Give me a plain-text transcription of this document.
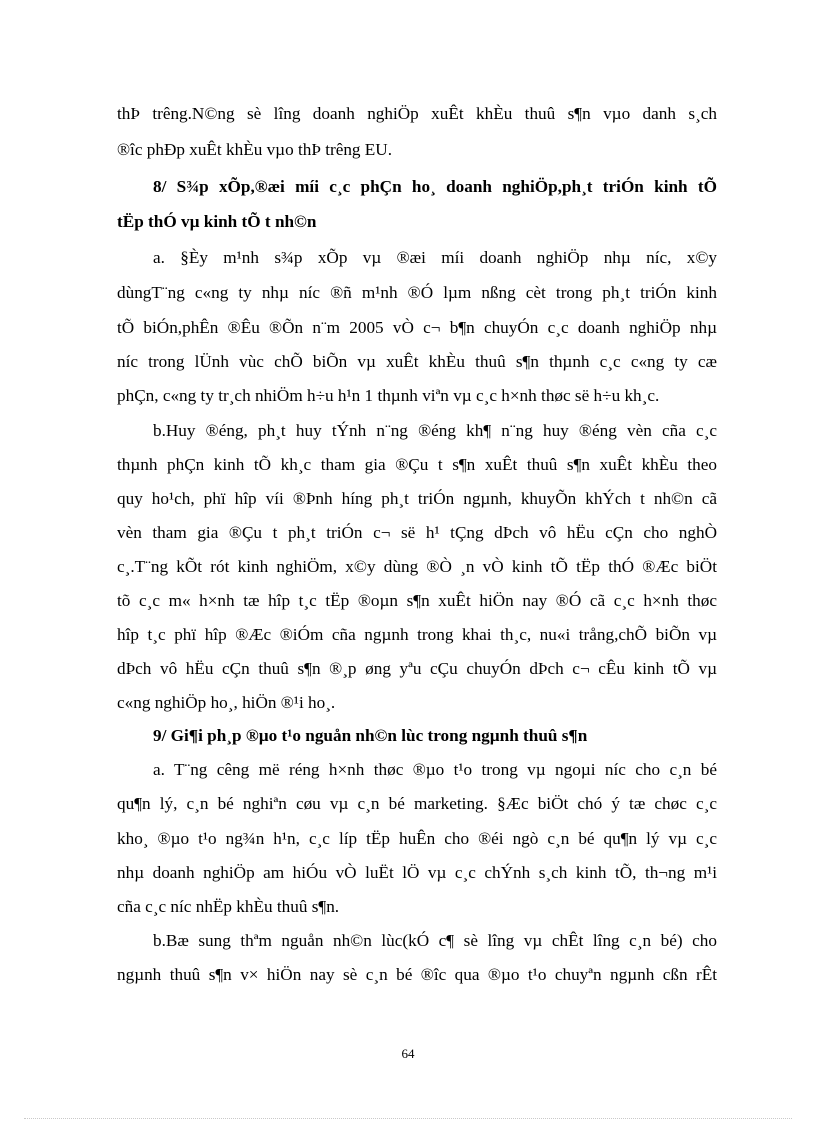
thÞ trêng.N©ng sè lîng doanh nghiÖp xuÊt khÈu thuû s¶n vµo danh s¸ch
®îc phÐp xuÊt khÈu vµo thÞ trêng EU.
8/ S¾p xÕp,®æi míi c¸c phÇn ho¸ doanh nghiÖp,ph¸t triÓn kinh tÕ
tËp thÓ vµ kinh tÕ t nh©n
a. §Èy m¹nh s¾p xÕp vµ ®æi míi doanh nghiÖp nhµ níc, x©y
dùngT¨ng c«ng ty nhµ níc ®ñ m¹nh ®Ó lµm nßng cèt trong ph¸t triÓn kinh
tÕ biÓn,phÊn ®Êu ®Õn n¨m 2005 vÒ c¬ b¶n chuyÓn c¸c doanh nghiÖp nhµ
níc trong lÜnh vùc chÕ biÕn vµ xuÊt khÈu thuû s¶n thµnh c¸c c«ng ty cæ
phÇn, c«ng ty tr¸ch nhiÖm h÷u h¹n 1 thµnh viªn vµ c¸c h×nh thøc së h÷u kh¸c.
b.Huy ®éng, ph¸t huy tÝnh n¨ng ®éng kh¶ n¨ng huy ®éng vèn cña c¸c
thµnh phÇn kinh tÕ kh¸c tham gia ®Çu t s¶n xuÊt thuû s¶n xuÊt khÈu theo
quy ho¹ch, phï hîp víi ®Þnh híng ph¸t triÓn ngµnh, khuyÕn khÝch t nh©n cã
vèn tham gia ®Çu t ph¸t triÓn c¬ së h¹ tÇng dÞch vô hËu cÇn cho nghÒ
c¸.T¨ng kÕt rót kinh nghiÖm, x©y dùng ®Ò ¸n vÒ kinh tÕ tËp thÓ ®Æc biÖt
tõ c¸c m« h×nh tæ hîp t¸c tËp ®oµn s¶n xuÊt hiÖn nay ®Ó cã c¸c h×nh thøc
hîp t¸c phï hîp ®Æc ®iÓm cña ngµnh trong khai th¸c, nu«i trång,chÕ biÕn vµ
dÞch vô hËu cÇn thuû s¶n ®¸p øng yªu cÇu chuyÓn dÞch c¬ cÊu kinh tÕ vµ
c«ng nghiÖp ho¸, hiÖn ®¹i ho¸.
9/ Gi¶i ph¸p ®µo t¹o nguån nh©n lùc trong ngµnh thuû s¶n
a. T¨ng cêng më réng h×nh thøc ®µo t¹o trong vµ ngoµi níc cho c¸n bé
qu¶n lý, c¸n bé nghiªn cøu vµ c¸n bé marketing. §Æc biÖt chó ý tæ chøc c¸c
kho¸ ®µo t¹o ng¾n h¹n, c¸c líp tËp huÊn cho ®éi ngò c¸n bé qu¶n lý vµ c¸c
nhµ doanh nghiÖp am hiÓu vÒ luËt lÖ vµ c¸c chÝnh s¸ch kinh tÕ, th¬ng m¹i
cña c¸c níc nhËp khÈu thuû s¶n.
b.Bæ sung thªm nguån nh©n lùc(kÓ c¶ sè lîng vµ chÊt lîng c¸n bé) cho
ngµnh thuû s¶n v× hiÖn nay sè c¸n bé ®îc qua ®µo t¹o chuyªn ngµnh cßn rÊt
64
